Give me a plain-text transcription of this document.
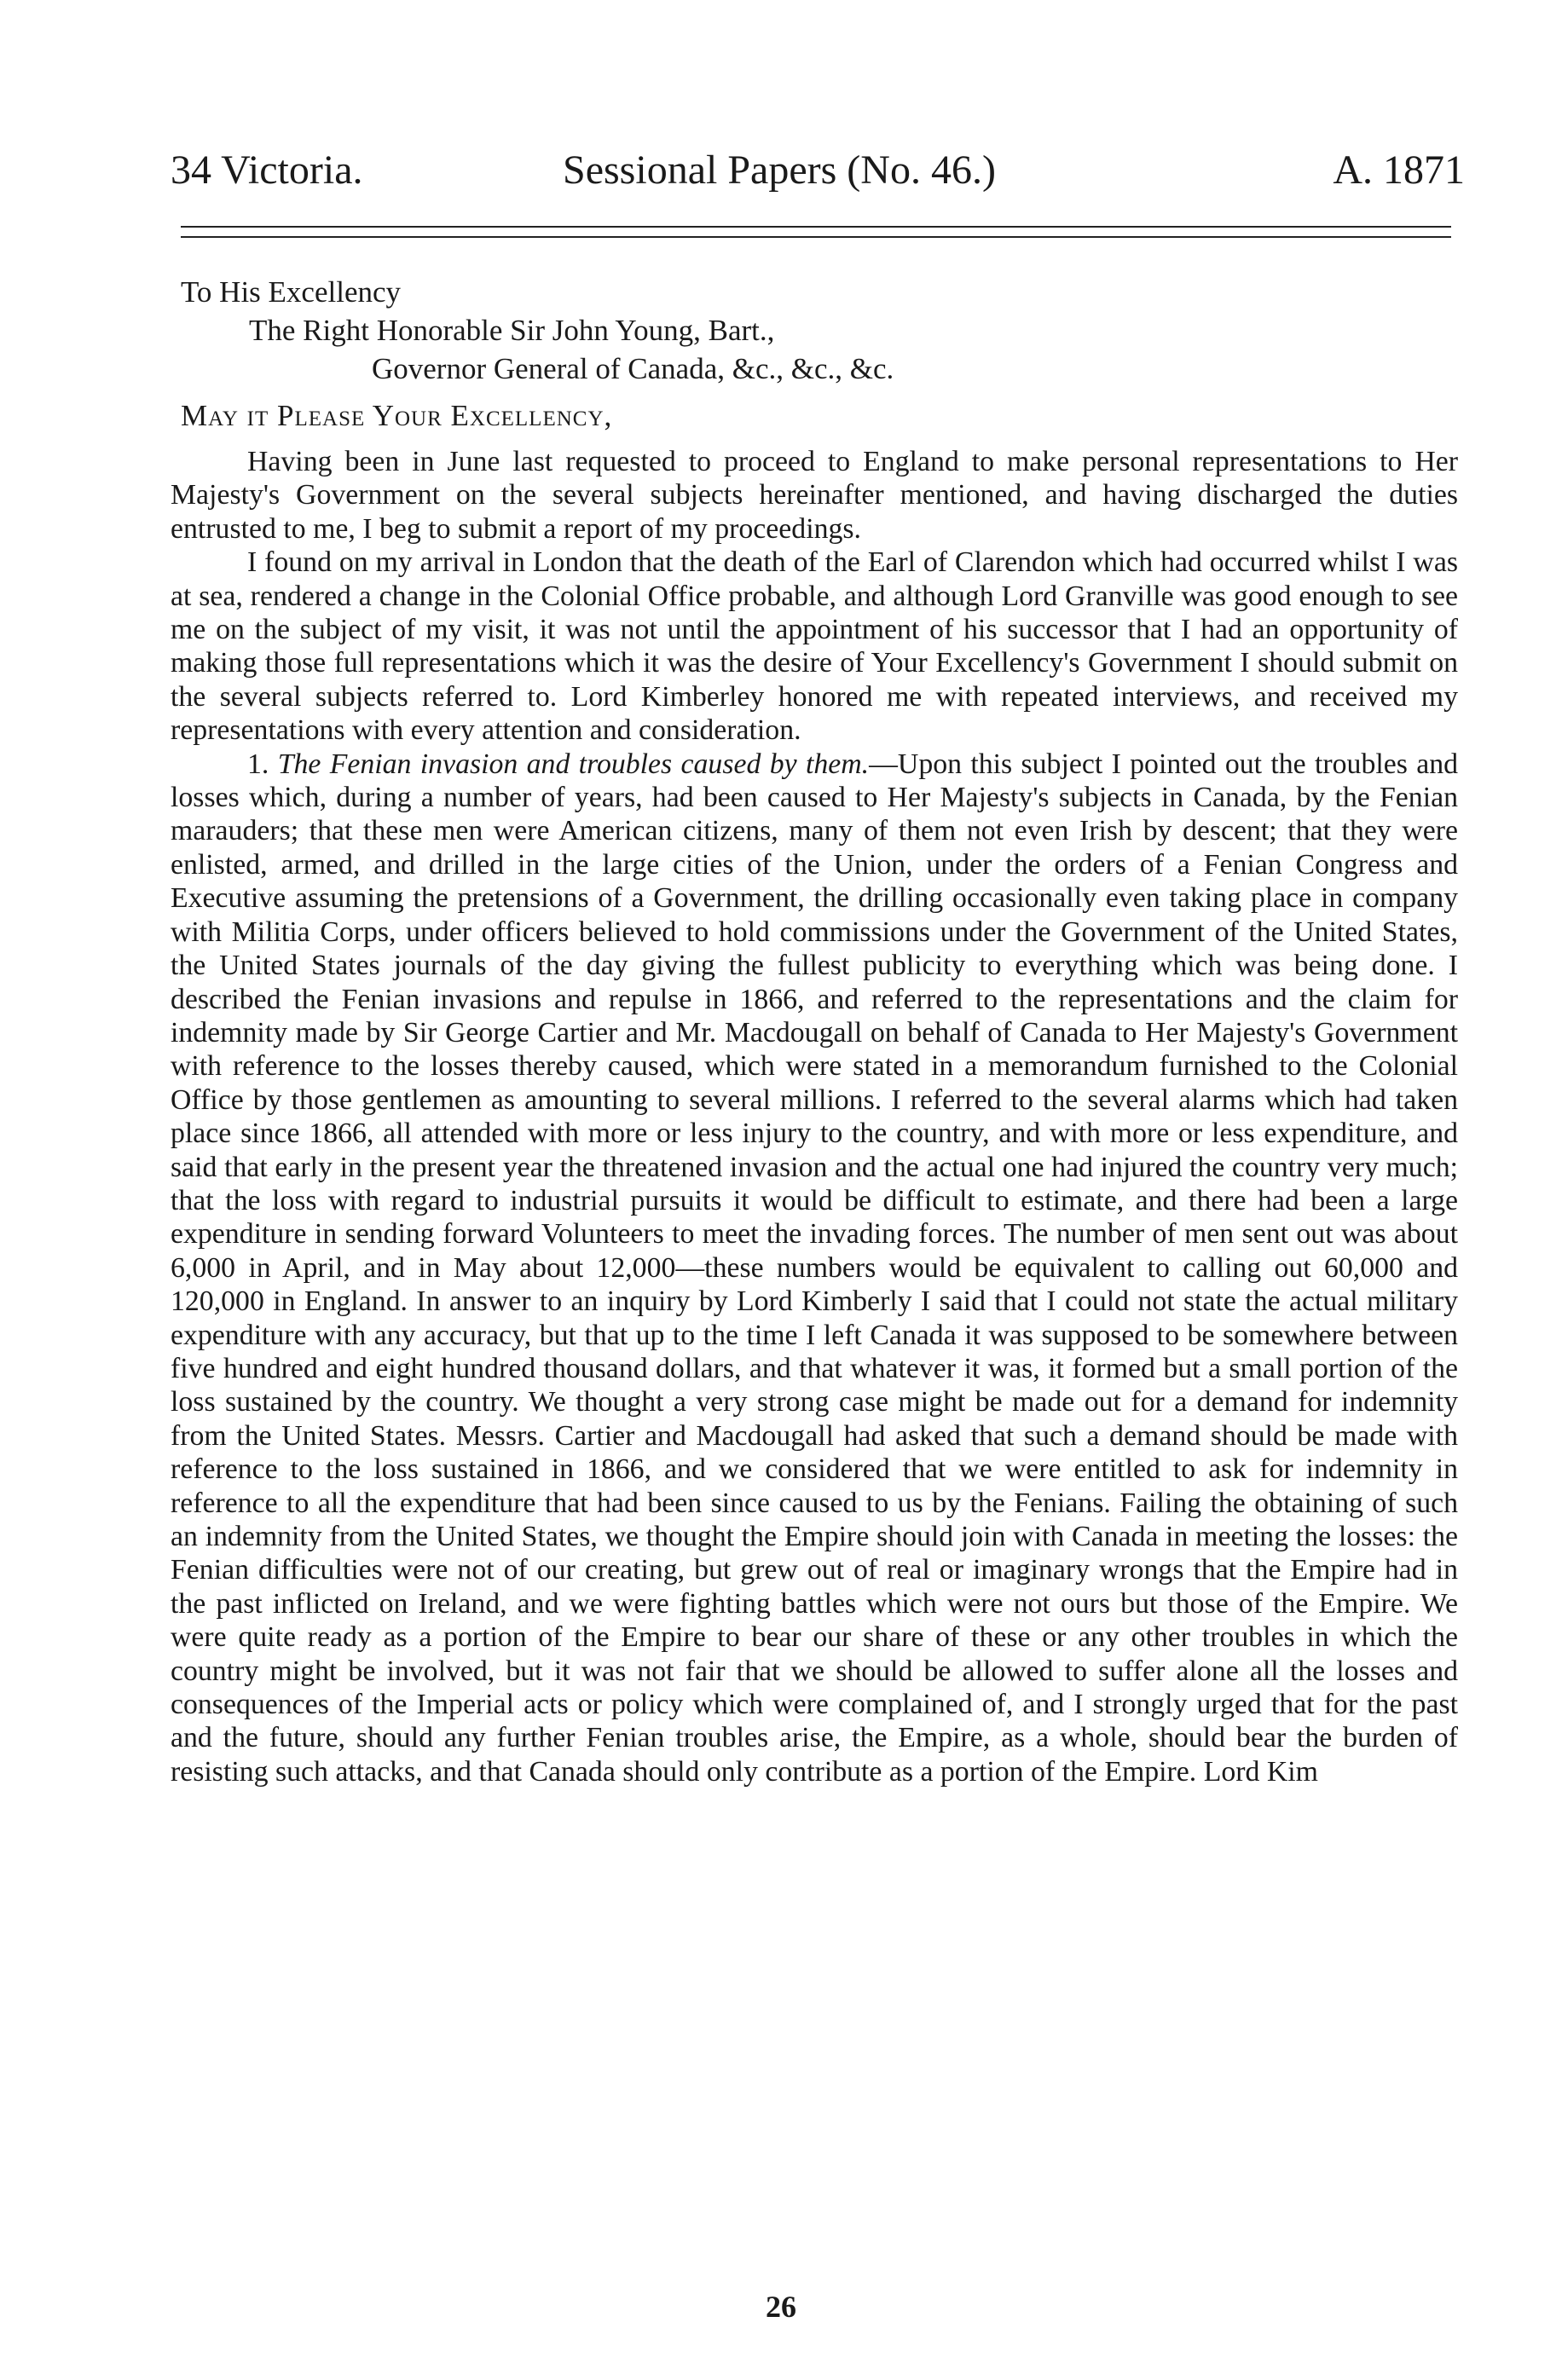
34 Victoria.	Sessional Papers (No. 46.)	A. 1871
To His Excellency
The Right Honorable Sir John Young, Bart.,
Governor General of Canada, &c., &c., &c.
May it Please Your Excellency,

Having been in June last requested to proceed to England to make personal representations to Her Majesty's Government on the several subjects hereinafter mentioned, and having discharged the duties entrusted to me, I beg to submit a report of my proceedings.

I found on my arrival in London that the death of the Earl of Clarendon which had occurred whilst I was at sea, rendered a change in the Colonial Office probable, and although Lord Granville was good enough to see me on the subject of my visit, it was not until the appointment of his successor that I had an opportunity of making those full representations which it was the desire of Your Excellency's Government I should submit on the several subjects referred to. Lord Kimberley honored me with repeated interviews, and received my representations with every attention and consideration.

1. The Fenian invasion and troubles caused by them.—Upon this subject I pointed out the troubles and losses which, during a number of years, had been caused to Her Majesty's subjects in Canada, by the Fenian marauders; that these men were American citizens, many of them not even Irish by descent; that they were enlisted, armed, and drilled in the large cities of the Union, under the orders of a Fenian Congress and Executive assuming the pretensions of a Government, the drilling occasionally even taking place in company with Militia Corps, under officers believed to hold commissions under the Government of the United States, the United States journals of the day giving the fullest publicity to everything which was being done. I described the Fenian invasions and repulse in 1866, and referred to the representations and the claim for indemnity made by Sir George Cartier and Mr. Macdougall on behalf of Canada to Her Majesty's Government with reference to the losses thereby caused, which were stated in a memorandum furnished to the Colonial Office by those gentlemen as amounting to several millions. I referred to the several alarms which had taken place since 1866, all attended with more or less injury to the country, and with more or less expenditure, and said that early in the present year the threatened invasion and the actual one had injured the country very much; that the loss with regard to industrial pursuits it would be difficult to estimate, and there had been a large expenditure in sending forward Volunteers to meet the invading forces. The number of men sent out was about 6,000 in April, and in May about 12,000—these numbers would be equivalent to calling out 60,000 and 120,000 in England. In answer to an inquiry by Lord Kimberly I said that I could not state the actual military expenditure with any accuracy, but that up to the time I left Canada it was supposed to be somewhere between five hundred and eight hundred thousand dollars, and that whatever it was, it formed but a small portion of the loss sustained by the country. We thought a very strong case might be made out for a demand for indemnity from the United States. Messrs. Cartier and Macdougall had asked that such a demand should be made with reference to the loss sustained in 1866, and we considered that we were entitled to ask for indemnity in reference to all the expenditure that had been since caused to us by the Fenians. Failing the obtaining of such an indemnity from the United States, we thought the Empire should join with Canada in meeting the losses: the Fenian difficulties were not of our creating, but grew out of real or imaginary wrongs that the Empire had in the past inflicted on Ireland, and we were fighting battles which were not ours but those of the Empire. We were quite ready as a portion of the Empire to bear our share of these or any other troubles in which the country might be involved, but it was not fair that we should be allowed to suffer alone all the losses and consequences of the Imperial acts or policy which were complained of, and I strongly urged that for the past and the future, should any further Fenian troubles arise, the Empire, as a whole, should bear the burden of resisting such attacks, and that Canada should only contribute as a portion of the Empire. Lord Kim

26
